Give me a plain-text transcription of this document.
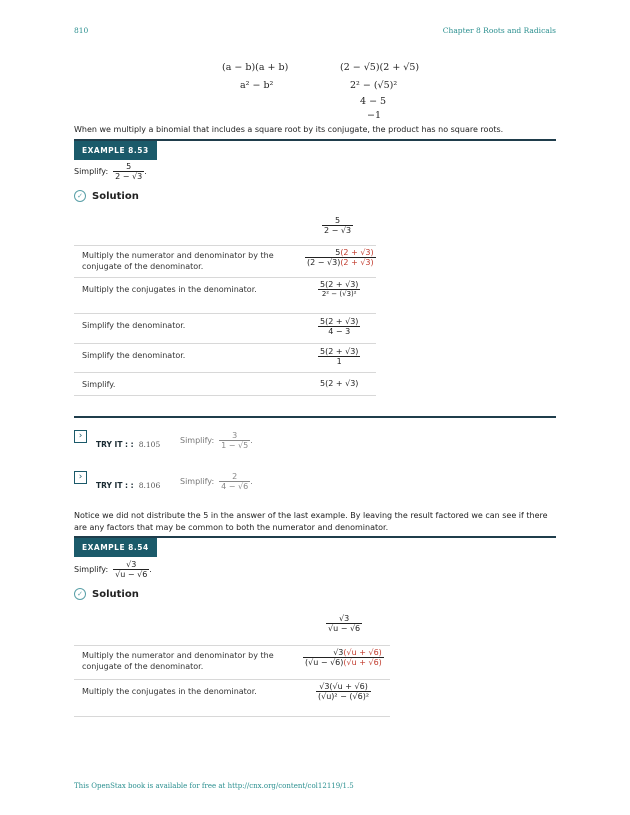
810	Chapter 8 Roots and Radicals
(a − b)(a + b)
a² − b²
(2 − √5)(2 + √5)
2² − (√5)²
4 − 5
−1
When we multiply a binomial that includes a square root by its conjugate, the product has no square roots.
EXAMPLE 8.53
Simplify: $\frac{5}{2 - √3}$ .
✓ Solution
$\frac{5}{2 - √3}$
Multiply the numerator and denominator by the conjugate of the denominator.	$\frac{5(2 + √3)}{(2 - √3)(2 + √3)}$
Multiply the conjugates in the denominator.	$\frac{5(2 + √3)}{\text{2² − (√3)²}}$
Simplify the denominator.	$\frac{5(2 + √3)}{4 - 3}$
Simplify the denominator.	$\frac{5(2 + √3)}{1}$
Simplify.	5(2 + √3)
›
TRY IT : : 8.105 Simplify: $\frac{3}{1 - √5}$ .
›
TRY IT : : 8.106 Simplify: $\frac{2}{4 - √6}$ .
Notice we did not distribute the 5 in the answer of the last example. By leaving the result factored we can see if there are any factors that may be common to both the numerator and denominator.
EXAMPLE 8.54
Simplify: $\frac{√3}{√u - √6}$ .
✓ Solution
$\frac{√3}{√u - √6}$
Multiply the numerator and denominator by the conjugate of the denominator.	$\frac{√3(√u + √6)}{(√u - √6)(√u + √6)}$
Multiply the conjugates in the denominator.	$\frac{√3(√u + √6)}{\text{(√u)² − (√6)²}}$
This OpenStax book is available for free at http://cnx.org/content/col12119/1.5
